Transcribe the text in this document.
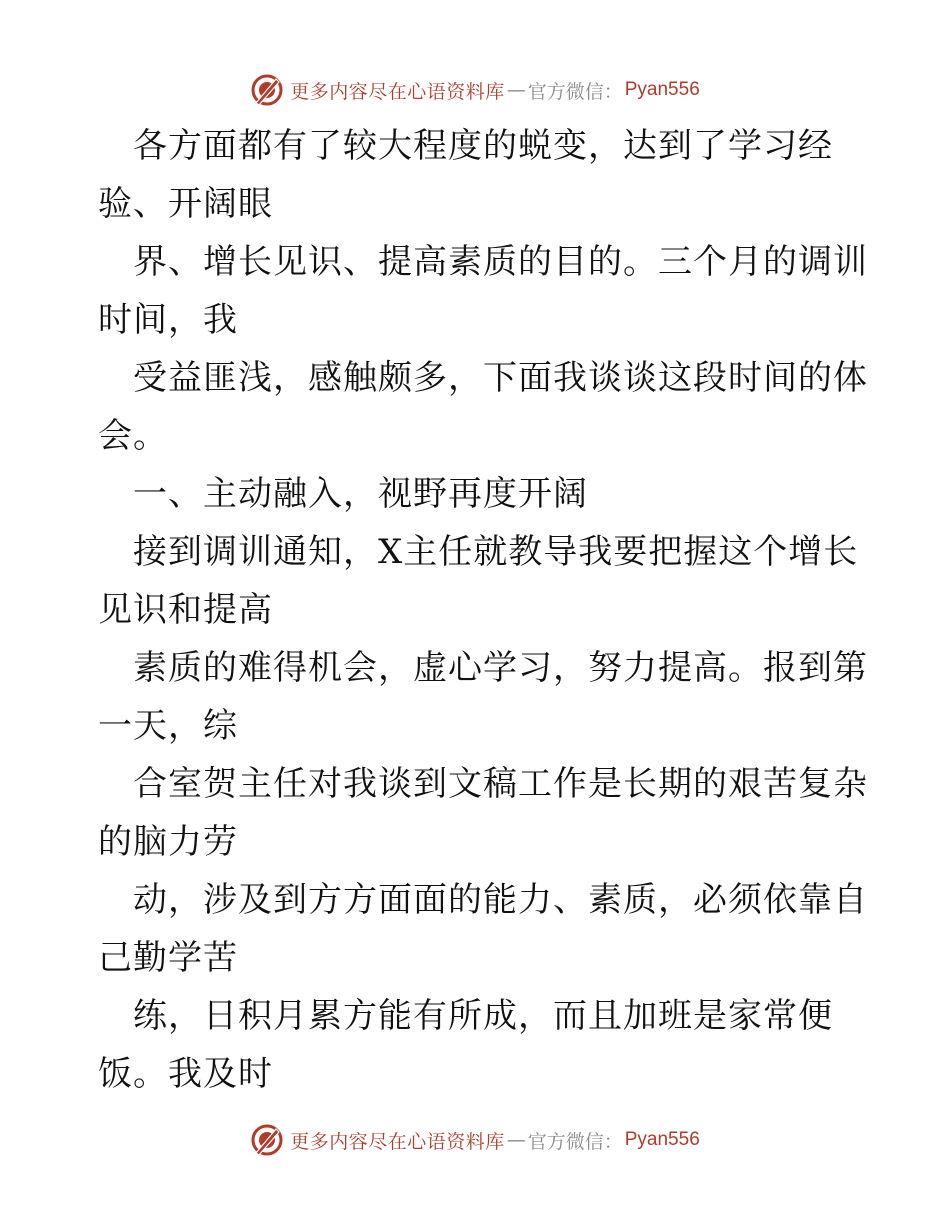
更多内容尽在心语资料库 — 官方微信： Pyan556
各方面都有了较大程度的蜕变，达到了学习经
验、开阔眼
界、增长见识、提高素质的目的。三个月的调训
时间，我
受益匪浅，感触颇多，下面我谈谈这段时间的体
会。
一、主动融入，视野再度开阔
接到调训通知，X主任就教导我要把握这个增长
见识和提高
素质的难得机会，虚心学习，努力提高。报到第
一天，综
合室贺主任对我谈到文稿工作是长期的艰苦复杂
的脑力劳
动，涉及到方方面面的能力、素质，必须依靠自
己勤学苦
练，日积月累方能有所成，而且加班是家常便
饭。我及时
更多内容尽在心语资料库 — 官方微信： Pyan556
